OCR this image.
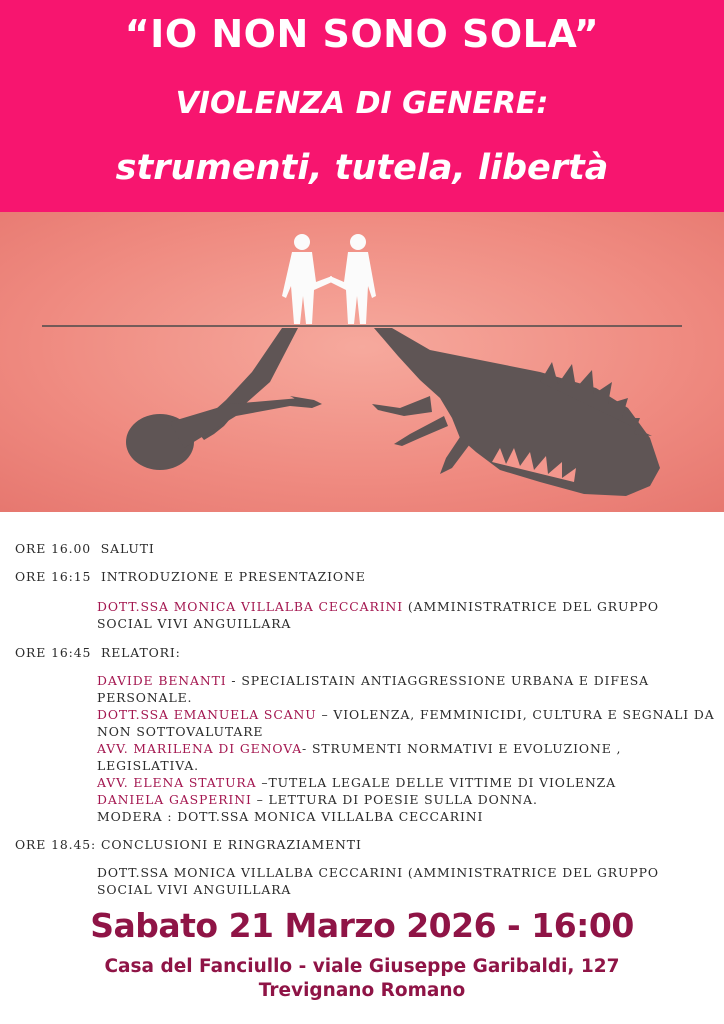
“IO NON SONO SOLA”
VIOLENZA DI GENERE:
strumenti, tutela, libertà
ORE 16.00 SALUTI
ORE 16:15 INTRODUZIONE E PRESENTAZIONE
DOTT.SSA MONICA VILLALBA CECCARINI (AMMINISTRATRICE DEL GRUPPO SOCIAL VIVI ANGUILLARA
ORE 16:45 RELATORI:
DAVIDE BENANTI - SPECIALISTAIN ANTIAGGRESSIONE URBANA E DIFESA PERSONALE.
DOTT.SSA EMANUELA SCANU – VIOLENZA, FEMMINICIDI, CULTURA E SEGNALI DA NON SOTTOVALUTARE
AVV. MARILENA DI GENOVA- STRUMENTI NORMATIVI E EVOLUZIONE , LEGISLATIVA.
AVV. ELENA STATURA –TUTELA LEGALE DELLE VITTIME DI VIOLENZA
DANIELA GASPERINI – LETTURA DI POESIE SULLA DONNA.
MODERA : DOTT.SSA MONICA VILLALBA CECCARINI
ORE 18.45: CONCLUSIONI E RINGRAZIAMENTI
DOTT.SSA MONICA VILLALBA CECCARINI (AMMINISTRATRICE DEL GRUPPO SOCIAL VIVI ANGUILLARA
Sabato 21 Marzo 2026 - 16:00
Casa del Fanciullo - viale Giuseppe Garibaldi, 127
Trevignano Romano
